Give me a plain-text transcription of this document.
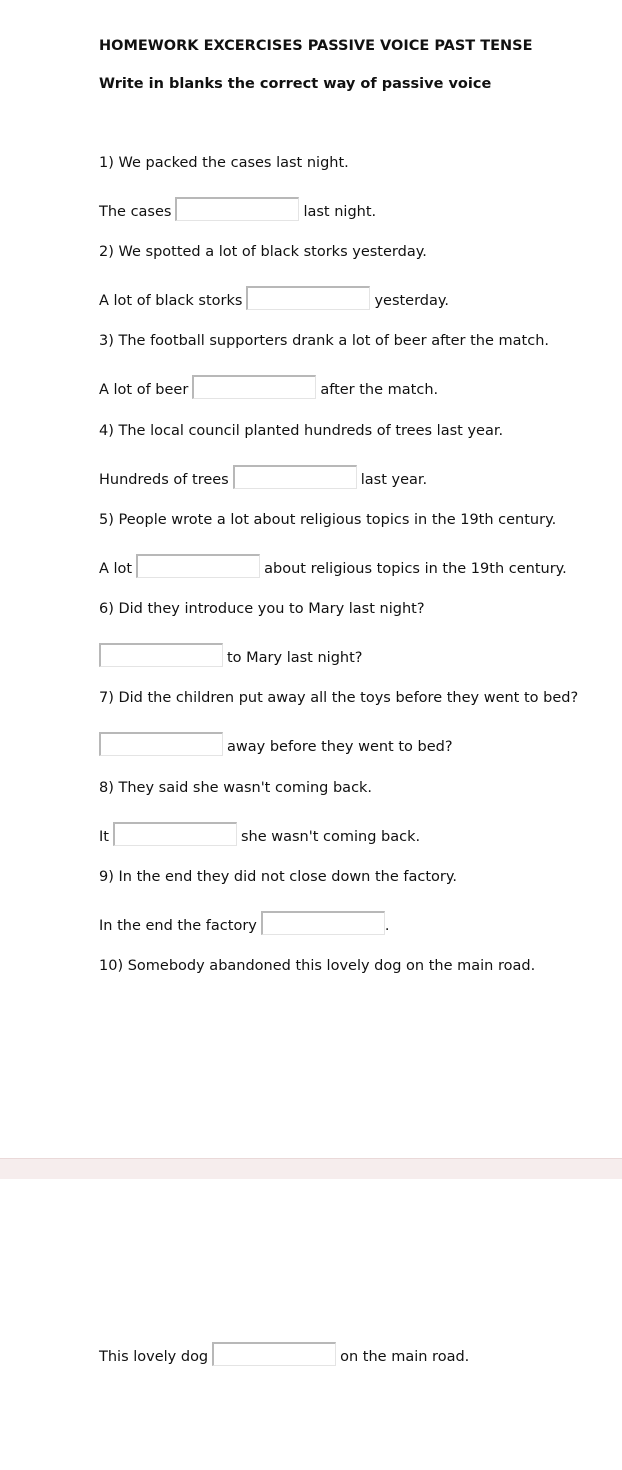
HOMEWORK EXCERCISES PASSIVE VOICE PAST TENSE
Write in blanks the correct way of passive voice
1) We packed the cases last night.
The cases	last night.
2) We spotted a lot of black storks yesterday.
A lot of black storks	yesterday.
3) The football supporters drank a lot of beer after the match.
A lot of beer	after the match.
4) The local council planted hundreds of trees last year.
Hundreds of trees	last year.
5) People wrote a lot about religious topics in the 19th century.
A lot	about religious topics in the 19th century.
6) Did they introduce you to Mary last night?
to Mary last night?
7) Did the children put away all the toys before they went to bed?
away before they went to bed?
8) They said she wasn't coming back.
It	she wasn't coming back.
9) In the end they did not close down the factory.
In the end the factory	.
10) Somebody abandoned this lovely dog on the main road.
This lovely dog	on the main road.
